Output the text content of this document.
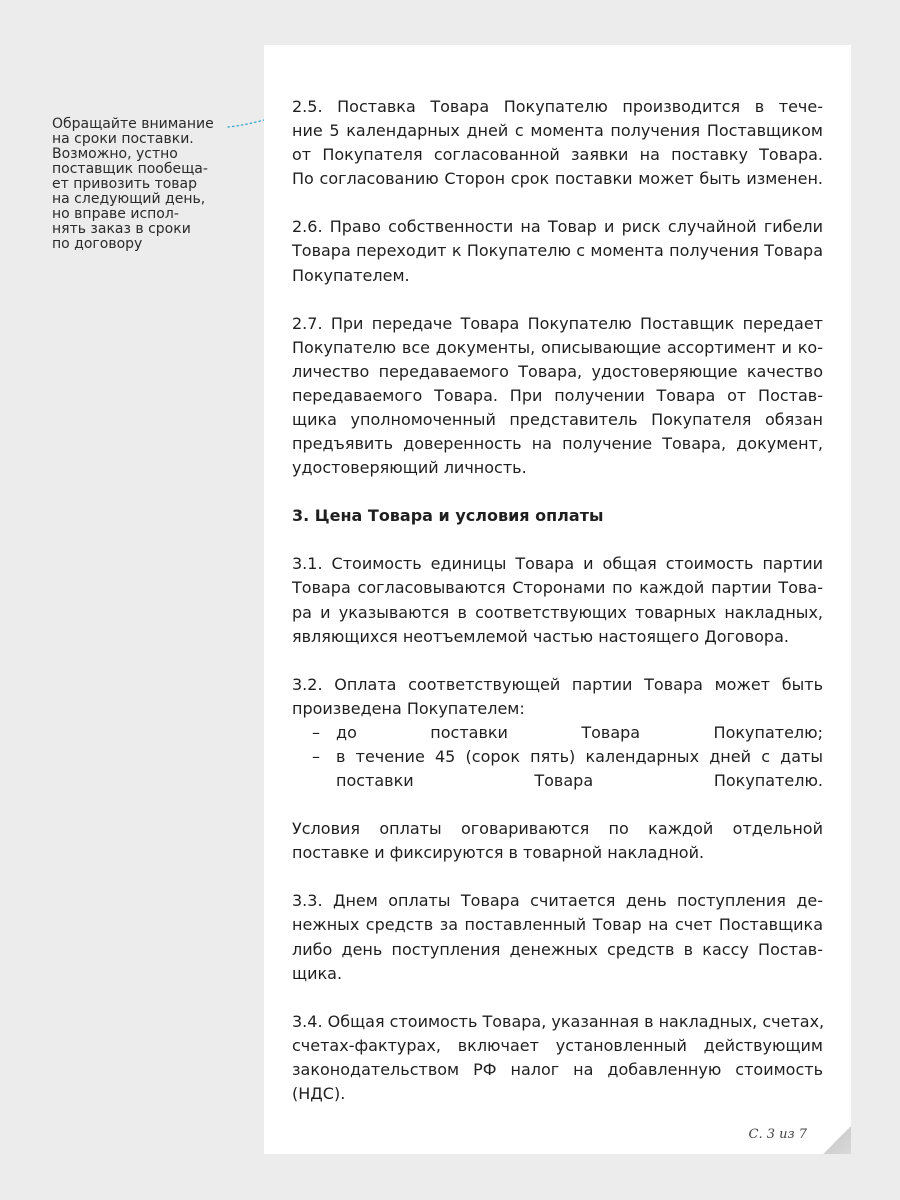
Обращайте внимание
на сроки поставки.
Возможно, устно
поставщик пообеща-
ет привозить товар
на следующий день,
но вправе испол-
нять заказ в сроки
по договору
2.5. Поставка Товара Покупателю производится в тече-
ние 5 календарных дней с момента получения Поставщиком
от Покупателя согласованной заявки на поставку Товара.
По согласованию Сторон срок поставки может быть изменен.
2.6. Право собственности на Товар и риск случайной гибели
Товара переходит к Покупателю с момента получения Товара
Покупателем.
2.7. При передаче Товара Покупателю Поставщик передает
Покупателю все документы, описывающие ассортимент и ко-
личество передаваемого Товара, удостоверяющие качество
передаваемого Товара. При получении Товара от Постав-
щика уполномоченный представитель Покупателя обязан
предъявить доверенность на получение Товара, документ,
удостоверяющий личность.
3. Цена Товара и условия оплаты
3.1. Стоимость единицы Товара и общая стоимость партии
Товара согласовываются Сторонами по каждой партии Това-
ра и указываются в соответствующих товарных накладных,
являющихся неотъемлемой частью настоящего Договора.
3.2. Оплата соответствующей партии Товара может быть
произведена Покупателем:
– до поставки Товара Покупателю;
– в течение 45 (сорок пять) календарных дней с даты
поставки Товара Покупателю.
Условия оплаты оговариваются по каждой отдельной
поставке и фиксируются в товарной накладной.
3.3. Днем оплаты Товара считается день поступления де-
нежных средств за поставленный Товар на счет Поставщика
либо день поступления денежных средств в кассу Постав-
щика.
3.4. Общая стоимость Товара, указанная в накладных, счетах,
счетах-фактурах, включает установленный действующим
законодательством РФ налог на добавленную стоимость
(НДС).
С. 3 из 7
